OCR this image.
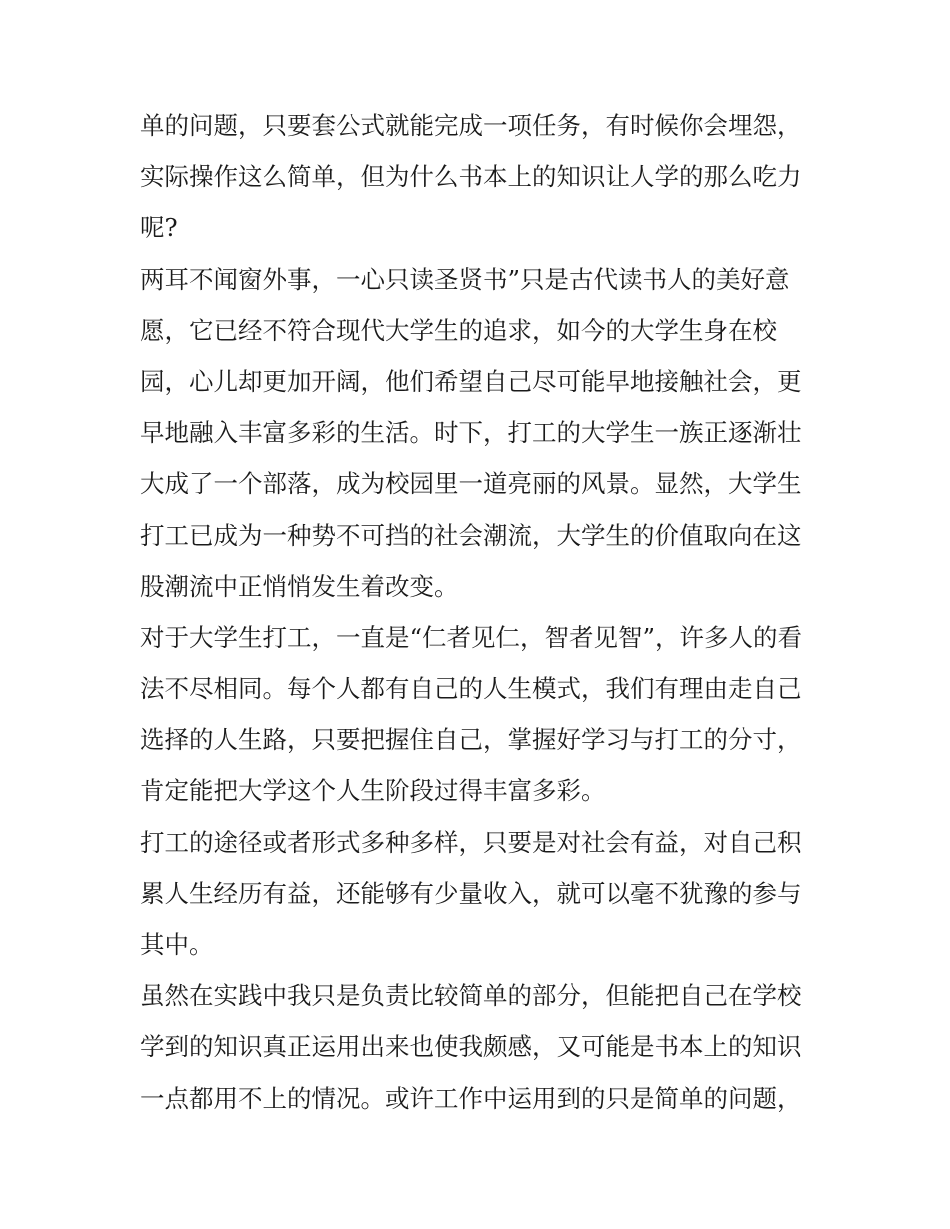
单的问题，只要套公式就能完成一项任务，有时候你会埋怨，
实际操作这么简单，但为什么书本上的知识让人学的那么吃力
呢?
两耳不闻窗外事，一心只读圣贤书”只是古代读书人的美好意
愿，它已经不符合现代大学生的追求，如今的大学生身在校
园，心儿却更加开阔，他们希望自己尽可能早地接触社会，更
早地融入丰富多彩的生活。时下，打工的大学生一族正逐渐壮
大成了一个部落，成为校园里一道亮丽的风景。显然，大学生
打工已成为一种势不可挡的社会潮流，大学生的价值取向在这
股潮流中正悄悄发生着改变。
对于大学生打工，一直是“仁者见仁，智者见智”，许多人的看
法不尽相同。每个人都有自己的人生模式，我们有理由走自己
选择的人生路，只要把握住自己，掌握好学习与打工的分寸，
肯定能把大学这个人生阶段过得丰富多彩。
打工的途径或者形式多种多样，只要是对社会有益，对自己积
累人生经历有益，还能够有少量收入，就可以毫不犹豫的参与
其中。
虽然在实践中我只是负责比较简单的部分，但能把自己在学校
学到的知识真正运用出来也使我颇感，又可能是书本上的知识
一点都用不上的情况。或许工作中运用到的只是简单的问题，
